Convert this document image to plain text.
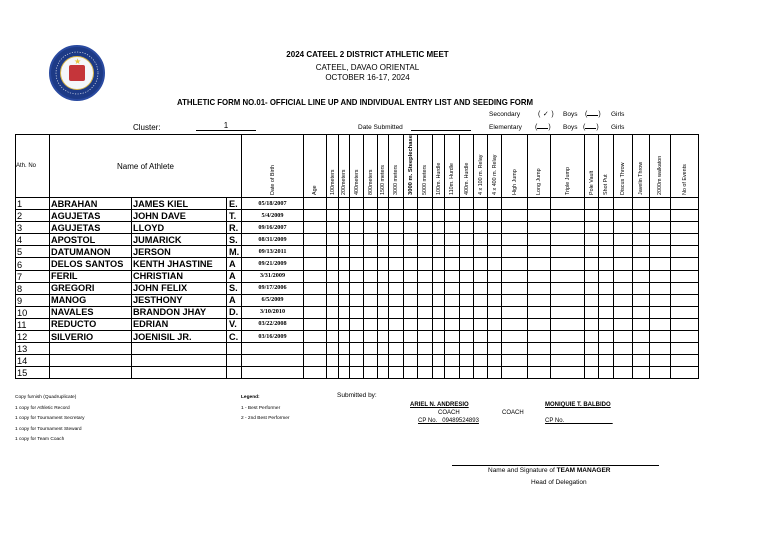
★
2024 CATEEL 2 DISTRICT ATHLETIC MEET
CATEEL, DAVAO ORIENTAL
OCTOBER 16-17, 2024
ATHLETIC FORM NO.01- OFFICIAL LINE UP AND INDIVIDUAL ENTRY LIST AND SEEDING FORM
Secondary	( ✓ ) Boys ( ) Girls
Cluster:	1	Date Submitted	Elementary ( ) Boys ( ) Girls
Ath. No	Name of Athlete			Date of Birth	Age	100meters	200meters	400meters	800meters	1500 meters	3000 meters	3000 m. Steeplechase	5000 meters	100m. Hurdle	110m. Hurdle	400m. Hurdle	4 x 100 m. Relay	4 x 400 m. Relay	High Jump	Long Jump	Triple Jump	Pole Vault	Shot Put	Discus Throw	Javelin Throw	2000m walkaton	No of Events

1	ABRAHAN	JAMES KIEL	E.	05/18/2007																							
2	AGUJETAS	JOHN DAVE	T.	5/4/2009																							
3	AGUJETAS	LLOYD	R.	09/16/2007																							
4	APOSTOL	JUMARICK	S.	08/31/2009																							
5	DATUMANON	JERSON	M.	09/13/2011																							
6	DELOS SANTOS	KENTH JHASTINE	A	09/21/2009																							
7	FERIL	CHRISTIAN	A	3/31/2009																							
8	GREGORI	JOHN FELIX	S.	09/17/2006																							
9	MANOG	JESTHONY	A	6/5/2009																							
10	NAVALES	BRANDON JHAY	D.	3/10/2010																							
11	REDUCTO	EDRIAN	V.	03/22/2008																							
12	SILVERIO	JOENISIL JR.	C.	03/16/2009																							
13																											
14																											
15																											
Copy furnish (Quadruplicate)
1 copy for Athletic Record
1 copy for Tournament Secretary
1 copy for Tournament Steward
1 copy for Team Coach
Legend:
1 - Best Performer
2 - 2nd Best Performer
Submitted by:
ARIEL N. ANDRESIO
COACH
CP No. _09489524893
COACH
MONIQUIE T. BALBIDO
CP No.__________ ____
Name and Signature of TEAM MANAGER
Head of Delegation
